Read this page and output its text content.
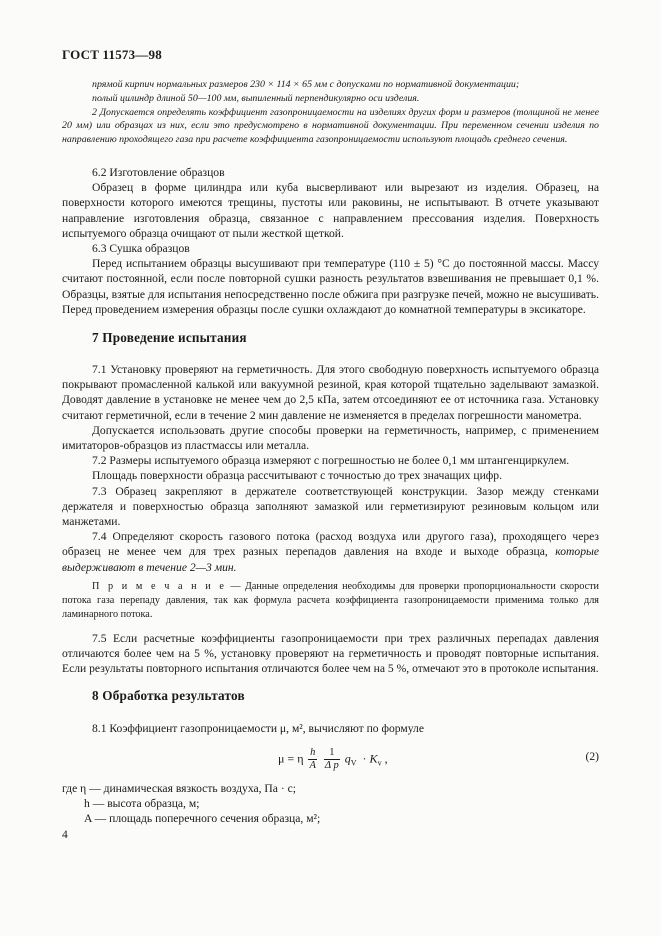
ГОСТ 11573—98

прямой кирпич нормальных размеров 230 × 114 × 65 мм с допусками по нормативной документации;

полый цилиндр длиной 50—100 мм, выпиленный перпендикулярно оси изделия.

2 Допускается определять коэффициент газопроницаемости на изделиях других форм и размеров (толщиной не менее 20 мм) или образцах из них, если это предусмотрено в нормативной документации. При переменном сечении изделия по направлению проходящего газа при расчете коэффициента газопроницаемости используют площадь среднего сечения.

6.2 Изготовление образцов

Образец в форме цилиндра или куба высверливают или вырезают из изделия. Образец, на поверхности которого имеются трещины, пустоты или раковины, не испытывают. В отчете указывают направление изготовления образца, связанное с направлением прессования изделия. Поверхность испытуемого образца очищают от пыли жесткой щеткой.

6.3 Сушка образцов

Перед испытанием образцы высушивают при температуре (110 ± 5) °С до постоянной массы. Массу считают постоянной, если после повторной сушки разность результатов взвешивания не превышает 0,1 %. Образцы, взятые для испытания непосредственно после обжига при разгрузке печей, можно не высушивать. Перед проведением измерения образцы после сушки охлаждают до комнатной температуры в эксикаторе.

7 Проведение испытания

7.1 Установку проверяют на герметичность. Для этого свободную поверхность испытуемого образца покрывают промасленной калькой или вакуумной резиной, края которой тщательно заделывают замазкой. Доводят давление в установке не менее чем до 2,5 кПа, затем отсоединяют ее от источника газа. Установку считают герметичной, если в течение 2 мин давление не изменяется в пределах погрешности манометра.

Допускается использовать другие способы проверки на герметичность, например, с применением имитаторов-образцов из пластмассы или металла.

7.2 Размеры испытуемого образца измеряют с погрешностью не более 0,1 мм штангенциркулем.

Площадь поверхности образца рассчитывают с точностью до трех значащих цифр.

7.3 Образец закрепляют в держателе соответствующей конструкции. Зазор между стенками держателя и поверхностью образца заполняют замазкой или герметизируют резиновым кольцом или манжетами.

7.4 Определяют скорость газового потока (расход воздуха или другого газа), проходящего через образец не менее чем для трех разных перепадов давления на входе и выходе образца, которые выдерживают в течение 2—3 мин.

П р и м е ч а н и е — Данные определения необходимы для проверки пропорциональности скорости потока газа перепаду давления, так как формула расчета коэффициента газопроницаемости применима только для ламинарного потока.

7.5 Если расчетные коэффициенты газопроницаемости при трех различных перепадах давления отличаются более чем на 5 %, установку проверяют на герметичность и проводят повторные испытания. Если результаты повторного испытания отличаются более чем на 5 %, отмечают это в протоколе испытания.

8 Обработка результатов

8.1 Коэффициент газопроницаемости μ, м², вычисляют по формуле

μ = η $\frac{h}{A}$
$\frac{1}{\text{Δ p}} q_V \cdot K_v$ ,	(2)

где η — динамическая вязкость воздуха, Па · с;

h — высота образца, м;

A — площадь поперечного сечения образца, м²;

4
